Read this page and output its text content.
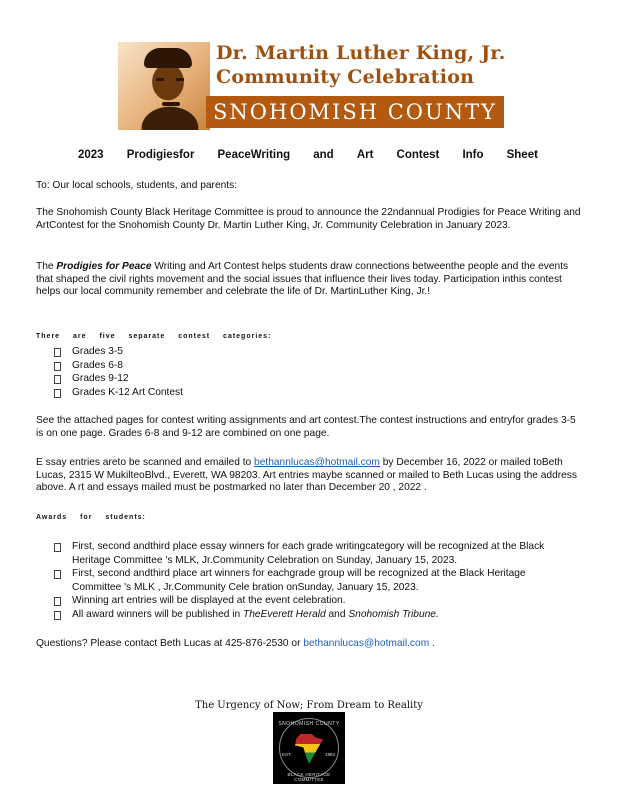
Dr. Martin Luther King, Jr.
Community Celebration
SNOHOMISH COUNTY
2023 Prodigiesfor PeaceWriting and Art Contest Info Sheet

To: Our local schools, students, and parents:

The Snohomish County Black Heritage Committee is proud to announce the 22ndannual Prodigies for Peace Writing and ArtContest for the Snohomish County Dr. Martin Luther King, Jr. Community Celebration in January 2023.

The Prodigies for Peace Writing and Art Contest helps students draw connections betweenthe people and the events that shaped the civil rights movement and the social issues that influence their lives today. Participation inthis contest helps our local community remember and celebrate the life of Dr. MartinLuther King, Jr.!

There are five separate contest categories:
Grades 3-5
Grades 6-8
Grades 9-12
Grades K-12 Art Contest

See the attached pages for contest writing assignments and art contest.The contest instructions and entryfor grades 3-5 is on one page. Grades 6-8 and 9-12 are combined on one page.

E ssay entries areto be scanned and emailed to bethannlucas@hotmail.com by December 16, 2022 or mailed toBeth Lucas, 2315 W MukilteoBlvd., Everett, WA 98203. Art entries maybe scanned or mailed to Beth Lucas using the address above. A rt and essays mailed must be postmarked no later than December 20 , 2022 .

Awards for students:
First, second andthird place essay winners for each grade writingcategory will be recognized at the Black Heritage Committee 's MLK, Jr.Community Celebration on Sunday, January 15, 2023.
First, second andthird place art winners for eachgrade group will be recognized at the Black Heritage Committee 's MLK , Jr.Community Cele bration onSunday, January 15, 2023.
Winning art entries will be displayed at the event celebration.
All award winners will be published in TheEverett Herald and Snohomish Tribune.

Questions? Please contact Beth Lucas at 425-876-2530 or bethannlucas@hotmail.com .

The Urgency of Now; From Dream to Reality
SNOHOMISH COUNTY
EST.	1993
BLACK HERITAGE COMMITTEE
